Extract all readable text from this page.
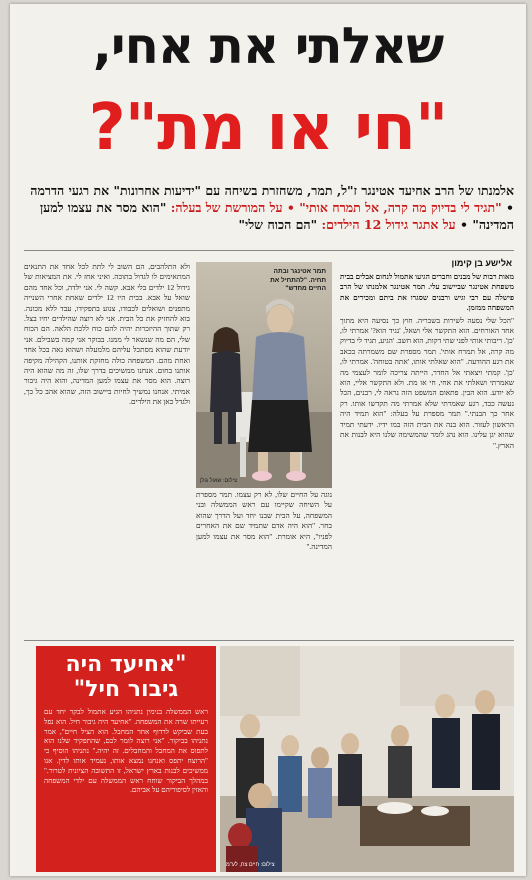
שאלתי את אחי,
"חי או מת"?
אלמנתו של הרב אחיעד אטינגר ז"ל, תמר, משחזרת בשיחה עם "ידיעות אחרונות" את רגעי הדרמה • "תגיד לי בדיוק מה קרה, אל תמרח אותי" • על המורשת של בעלה: "הוא מסר את עצמו למען המדינה" • על אתגר גידול 12 הילדים: "הם הכוח שלי"
אלישע בן קימון

מאות רבות של מבנים וחברים הגיעו אתמול לנחום אבלים בבית משפחת אטינגר שביישוב עלי. תמר אטינגר אלמנתו של הרב פישלה עם רבי וגיש ורבנים שסגרו את ביתם ומכירים את המשפחה ממזמן.

"הכל שלי נסעה לשירות בשבריה. חוץ כך נסיעה היא מתוך אחד האורחים. הוא התקשר אלי ושאל, 'נגיד הוא?' אמרתי לו, 'כן'. ריבותי אותי לפני שתי דקות, הוא חשב. 'הגיע, תגיד לי בדיוק מה קרה, אל תמרח אותי'. תמר מספרת שם משמרתה בכאב את רגע ההודעה. "הוא שאלתי אותו, 'אתה בטוחה'. אמרתי לו, 'כן'. קמתי ויצאתי אל החדר, הייתה צריכה לומר לעצמי מה שאמרתי ושאלתי את אחי, חי או מת. ולא התקשר אליי, הוא לא יודע. הוא הבין. פתאום המשפט הזה נראה לי, רבנים, הכל נעשה כבד, רגע שאמרתי שלא אמרתי מה תקדשו אותו. רק אחר כך הבנתי." תמר מספרת על בעלה: "הוא תמיד היה הראשון לעזור. הוא בנה את הבית הזה במו ידיו. ידעתי תמיד שהוא יגן עלינו. הוא נהג לומר שהמשימה שלנו היא לבנות את הארץ."

תמר אטינגר ובתה תחיה. "להתחיל את החיים מחדש"
צילום: שאול גולן
נוגה על החיים שלו, לא רק עצמו. תמר מספרת על השיחה שקיימו עם ראש הממשלה ובני המשפחה, על הבית שבנו יחד ועל הדרך שהוא בחר. "הוא היה אדם שתמיד שם את האחרים לפניו", היא אומרת. "הוא מסר את עצמו למען המדינה."

ולא התלהבים, הם השוב לי לתת לכל אחד את התנאים המתאימים לו לגדול בתוכה. ואיני אחז לי. את המציאות של גידול 12 ילדים בלי אבא. קשה לי. אני ילדה, וכל אחד מהם שואל על אבא. בבית היו 12 ילדים שאחת אחרי השנייה מתפנים ושואלים לכבודו, צנוע בתפקידו, עבד ללא מכונה. בוא להחזיק את כל הבית. אני לא רוצה שהילדים יחיו בצל. רק שתוך ההיזכרות יהיה להם כוח ללכת הלאה. הם הכוח שלי, הם מה שנשאר לי ממנו. בבוקר אני קמה בשבילם. אני יודעת שהוא מסתכל עליהם מלמעלה ושהוא גאה בכל אחד ואחת מהם. המשפחה כולה מחזקת אותנו, הקהילה מקיפה אותנו בחום. אנחנו ממשיכים בדרך שלו, זה מה שהוא היה רוצה. הוא מסר את עצמו למען המדינה, והוא היה גיבור אמיתי. אנחנו נמשיך לחיות ביישוב הזה, שהוא אהב כל כך, ולגדל כאן את הילדים.

"אחיעד היה גיבור חיל"
ראש הממשלה בנימין נתניהו הגיע אתמול לבקר יחד עם רעייתו שרה את המשפחה. "אחיעד היה גיבור חיל. הוא נפל בעת שביקש לרדוף אחר המחבל. הוא הציל חיים", אמר נתניהו בביקור. "אני רוצה לומר לכם, שהתפקיד שלנו הוא לתפוס את המחבל והמחבלים. זה יהיה." נתניהו הוסיף כי "הרוצח יתפס ואנחנו נמצא אותו, נעמיד אותו לדין. אנו ממשיכים לבנות בארץ ישראל, זו התשובה הציונית לטרור." במהלך הביקור שוחח ראש הממשלה עם ילדי המשפחה והאזין לסיפוריהם על אביהם.
צילום: חיים צח, לע"מ
